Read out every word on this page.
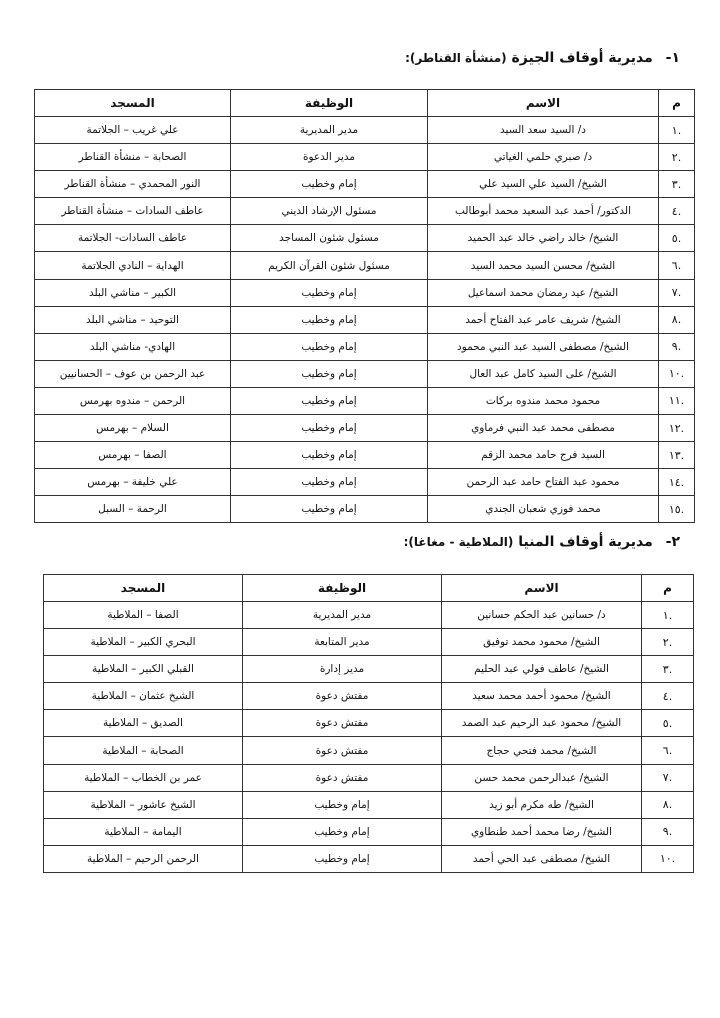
١- مديرية أوقاف الجيزة (منشأة القناطر):
م	الاسم	الوظيفة	المسجد
.١	د/ السيد سعد السيد	مدير المديرية	علي غريب – الجلاتمة
.٢	د/ صبري حلمي الغياتي	مدير الدعوة	الصحابة – منشأة القناطر
.٣	الشيخ/ السيد علي السيد علي	إمام وخطيب	النور المحمدي – منشأة القناطر
.٤	الدكتور/ أحمد عبد السعيد محمد أبوطالب	مسئول الإرشاد الديني	عاطف السادات – منشأة القناطر
.٥	الشيخ/ خالد راضي خالد عبد الحميد	مسئول شئون المساجد	عاطف السادات- الجلاتمة
.٦	الشيخ/ محسن السيد محمد السيد	مسئول شئون القرآن الكريم	الهداية – النادي الجلاتمة
.٧	الشيخ/ عيد رمضان محمد اسماعيل	إمام وخطيب	الكبير – مناشي البلد
.٨	الشيخ/ شريف عامر عبد الفتاح أحمد	إمام وخطيب	التوحيد – مناشي البلد
.٩	الشيخ/ مصطفى السيد عبد النبي محمود	إمام وخطيب	الهادي- مناشي البلد
.١٠	الشيخ/ على السيد كامل عبد العال	إمام وخطيب	عبد الرحمن بن عوف – الحسانيين
.١١	محمود محمد مندوه بركات	إمام وخطيب	الرحمن – مندوه بهرمس
.١٢	مصطفى محمد عبد النبي فرماوي	إمام وخطيب	السلام – بهرمس
.١٣	السيد فرج حامد محمد الزقم	إمام وخطيب	الصفا – بهرمس
.١٤	محمود عبد الفتاح حامد عبد الرحمن	إمام وخطيب	علي خليفة – بهرمس
.١٥	محمد فوزي شعبان الجندي	إمام وخطيب	الرحمة – السبل
٢- مديرية أوقاف المنيا (الملاطية - مغاغا):
م	الاسم	الوظيفة	المسجد
.١	د/ حسانين عبد الحكم حسانين	مدير المديرية	الصفا – الملاطية
.٢	الشيخ/ محمود محمد توفيق	مدير المتابعة	البحري الكبير – الملاطية
.٣	الشيخ/ عاطف فولي عبد الحليم	مدير إدارة	القبلي الكبير – الملاطية
.٤	الشيخ/ محمود أحمد محمد سعيد	مفتش دعوة	الشيخ عثمان – الملاطية
.٥	الشيخ/ محمود عبد الرحيم عبد الصمد	مفتش دعوة	الصديق – الملاطية
.٦	الشيخ/ محمد فتحي حجاج	مفتش دعوة	الصحابة – الملاطية
.٧	الشيخ/ عبدالرحمن محمد حسن	مفتش دعوة	عمر بن الخطاب – الملاطية
.٨	الشيخ/ طه مكرم أبو زيد	إمام وخطيب	الشيخ عاشور – الملاطية
.٩	الشيخ/ رضا محمد أحمد طنطاوي	إمام وخطيب	اليمامة – الملاطية
.١٠	الشيخ/ مصطفى عبد الحي أحمد	إمام وخطيب	الرحمن الرحيم – الملاطية
